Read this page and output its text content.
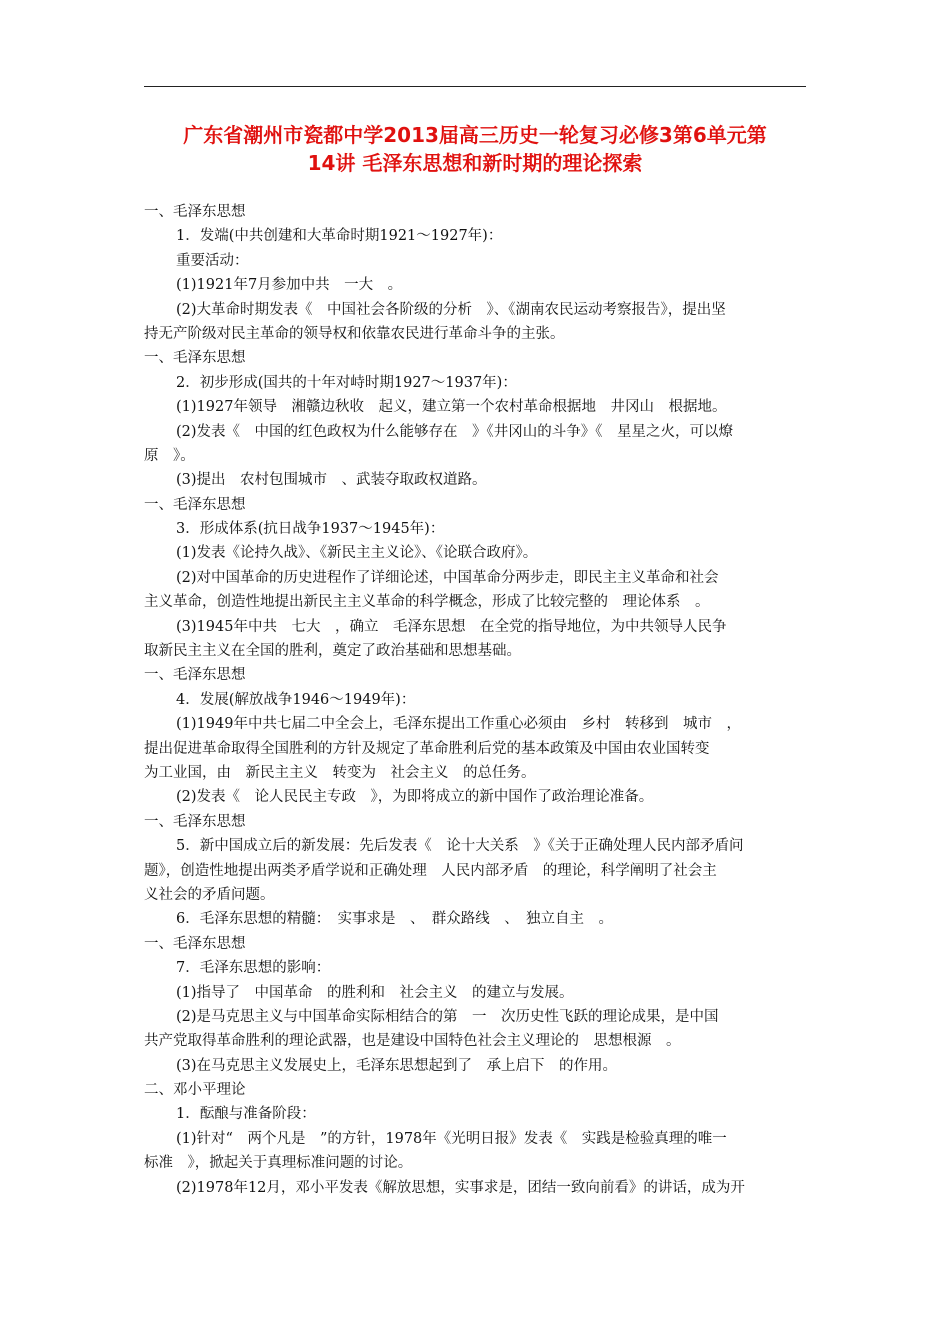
广东省潮州市瓷都中学2013届高三历史一轮复习必修3第6单元第
14讲 毛泽东思想和新时期的理论探索
一、毛泽东思想
1．发端(中共创建和大革命时期1921～1927年)：
重要活动：
(1)1921年7月参加中共　一大　。
(2)大革命时期发表《　中国社会各阶级的分析　》、《湖南农民运动考察报告》，提出坚
持无产阶级对民主革命的领导权和依靠农民进行革命斗争的主张。
一、毛泽东思想
2．初步形成(国共的十年对峙时期1927～1937年)：
(1)1927年领导　湘赣边秋收　起义，建立第一个农村革命根据地　井冈山　根据地。
(2)发表《　中国的红色政权为什么能够存在　》《井冈山的斗争》《　星星之火，可以燎
原　》。
(3)提出　农村包围城市　、武装夺取政权道路。
一、毛泽东思想
3．形成体系(抗日战争1937～1945年)：
(1)发表《论持久战》、《新民主主义论》、《论联合政府》。
(2)对中国革命的历史进程作了详细论述，中国革命分两步走，即民主主义革命和社会
主义革命，创造性地提出新民主主义革命的科学概念，形成了比较完整的　理论体系　。
(3)1945年中共　七大　，确立　毛泽东思想　在全党的指导地位，为中共领导人民争
取新民主主义在全国的胜利，奠定了政治基础和思想基础。
一、毛泽东思想
4．发展(解放战争1946～1949年)：
(1)1949年中共七届二中全会上，毛泽东提出工作重心必须由　乡村　转移到　城市　，
提出促进革命取得全国胜利的方针及规定了革命胜利后党的基本政策及中国由农业国转变
为工业国，由　新民主主义　转变为　社会主义　的总任务。
(2)发表《　论人民民主专政　》，为即将成立的新中国作了政治理论准备。
一、毛泽东思想
5．新中国成立后的新发展：先后发表《　论十大关系　》《关于正确处理人民内部矛盾问
题》，创造性地提出两类矛盾学说和正确处理　人民内部矛盾　的理论，科学阐明了社会主
义社会的矛盾问题。
6．毛泽东思想的精髓：　实事求是　、　群众路线　、　独立自主　。
一、毛泽东思想
7．毛泽东思想的影响：
(1)指导了　中国革命　的胜利和　社会主义　的建立与发展。
(2)是马克思主义与中国革命实际相结合的第　一　次历史性飞跃的理论成果，是中国
共产党取得革命胜利的理论武器，也是建设中国特色社会主义理论的　思想根源　。
(3)在马克思主义发展史上，毛泽东思想起到了　承上启下　的作用。
二、邓小平理论
1．酝酿与准备阶段：
(1)针对“　两个凡是　”的方针，1978年《光明日报》发表《　实践是检验真理的唯一
标准　》，掀起关于真理标准问题的讨论。
(2)1978年12月，邓小平发表《解放思想，实事求是，团结一致向前看》的讲话，成为开
